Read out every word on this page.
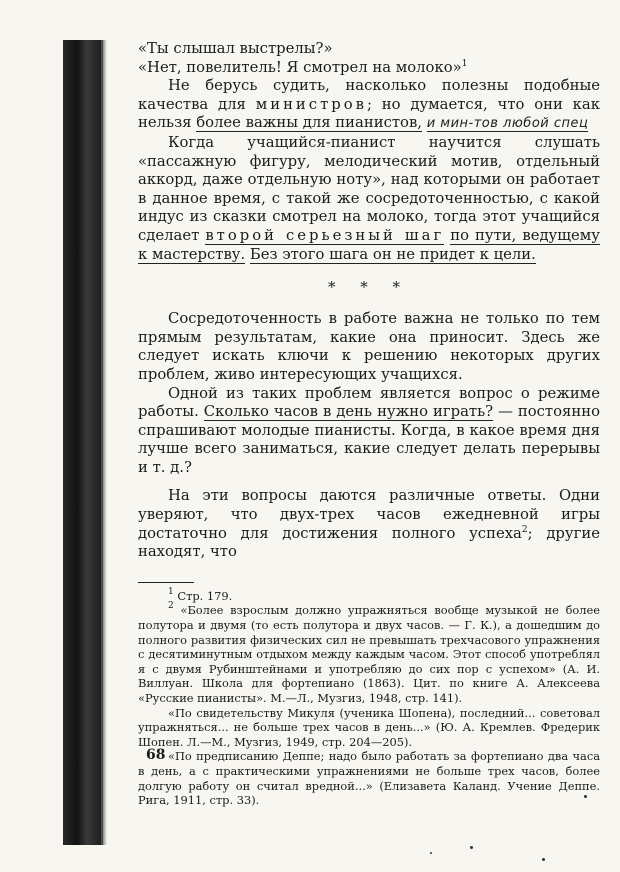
«Ты слышал выстрелы?»
«Нет, повелитель! Я смотрел на молоко»$^1$

Не берусь судить, насколько полезны подобные качества для министров; но думается, что они как нельзя более важны для пианистов, и мин-тов любой спец

Когда учащийся-пианист научится слушать «пассажную фигуру, мелодический мотив, отдельный аккорд, даже отдельную ноту», над которыми он работает в данное время, с такой же сосредоточенностью, с какой индус из сказки смотрел на молоко, тогда этот учащийся сделает второй серьезный шаг по пути, ведущему к мастерству. Без этого шага он не придет к цели.

* * *

Сосредоточенность в работе важна не только по тем прямым результатам, какие она приносит. Здесь же следует искать ключи к решению некоторых других проблем, живо интересующих учащихся.

Одной из таких проблем является вопрос о режиме работы. Сколько часов в день нужно играть? — постоянно спрашивают молодые пианисты. Когда, в какое время дня лучше всего заниматься, какие следует делать перерывы и т. д.?

На эти вопросы даются различные ответы. Одни уверяют, что двух-трех часов ежедневной игры достаточно для достижения полного успеха$^2$; другие находят, что

$^1$ Стр. 179.

$^2$ «Более взрослым должно упражняться вообще музыкой не более полутора и двумя (то есть полутора и двух часов. — Г. К.), а дошедшим до полного развития физических сил не превышать трехчасового упражнения с десятиминутным отдыхом между каждым часом. Этот способ употреблял я с двумя Рубинштейнами и употребляю до сих пор с успехом» (А. И. Виллуан. Школа для фортепиано (1863). Цит. по книге А. Алексеева «Русские пианисты». М.—Л., Музгиз, 1948, стр. 141).

«По свидетельству Микуля (ученика Шопена), последний... советовал упражняться... не больше трех часов в день...» (Ю. А. Кремлев. Фредерик Шопен. Л.—М., Музгиз, 1949, стр. 204—205).

«По предписанию Деппе; надо было работать за фортепиано два часа в день, а с практическими упражнениями не больше трех часов, более долгую работу он считал вредной...» (Елизавета Каланд. Учение Деппе. Рига, 1911, стр. 33).

68
